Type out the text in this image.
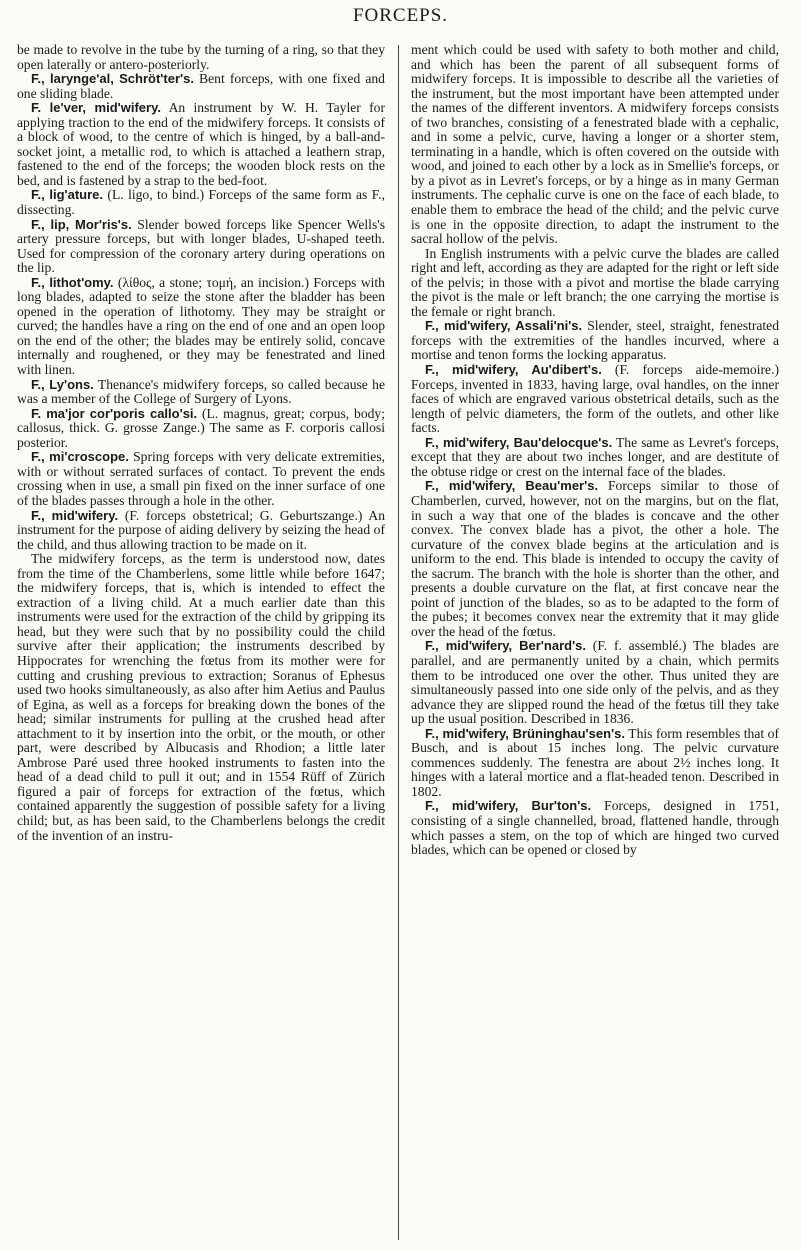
FORCEPS.

be made to revolve in the tube by the turning of a ring, so that they open laterally or antero-posteriorly.

F., laryngeʹal, Schröt'ter's. Bent forceps, with one fixed and one sliding blade.

F. le'ver, mid'wifery. An instrument by W. H. Tayler for applying traction to the end of the midwifery forceps. It consists of a block of wood, to the centre of which is hinged, by a ball-and-socket joint, a metallic rod, to which is attached a leathern strap, fastened to the end of the forceps; the wooden block rests on the bed, and is fastened by a strap to the bed-foot.

F., lig'ature. (L. ligo, to bind.) Forceps of the same form as F., dissecting.

F., lip, Mor'ris's. Slender bowed forceps like Spencer Wells's artery pressure forceps, but with longer blades, U-shaped teeth. Used for compression of the coronary artery during operations on the lip.

F., lithot'omy. (λίθος, a stone; τομή, an incision.) Forceps with long blades, adapted to seize the stone after the bladder has been opened in the operation of lithotomy. They may be straight or curved; the handles have a ring on the end of one and an open loop on the end of the other; the blades may be entirely solid, concave internally and roughened, or they may be fenestrated and lined with linen.

F., Ly'ons. Thenance's midwifery forceps, so called because he was a member of the College of Surgery of Lyons.

F. ma'jor cor'poris callo'si. (L. magnus, great; corpus, body; callosus, thick. G. grosse Zange.) The same as F. corporis callosi posterior.

F., mi'croscope. Spring forceps with very delicate extremities, with or without serrated surfaces of contact. To prevent the ends crossing when in use, a small pin fixed on the inner surface of one of the blades passes through a hole in the other.

F., mid'wifery. (F. forceps obstetrical; G. Geburtszange.) An instrument for the purpose of aiding delivery by seizing the head of the child, and thus allowing traction to be made on it.

The midwifery forceps, as the term is understood now, dates from the time of the Chamberlens, some little while before 1647; the midwifery forceps, that is, which is intended to effect the extraction of a living child. At a much earlier date than this instruments were used for the extraction of the child by gripping its head, but they were such that by no possibility could the child survive after their application; the instruments described by Hippocrates for wrenching the fœtus from its mother were for cutting and crushing previous to extraction; Soranus of Ephesus used two hooks simultaneously, as also after him Aetius and Paulus of Egina, as well as a forceps for breaking down the bones of the head; similar instruments for pulling at the crushed head after attachment to it by insertion into the orbit, or the mouth, or other part, were described by Albucasis and Rhodion; a little later Ambrose Paré used three hooked instruments to fasten into the head of a dead child to pull it out; and in 1554 Rüff of Zürich figured a pair of forceps for extraction of the fœtus, which contained apparently the suggestion of possible safety for a living child; but, as has been said, to the Chamberlens belongs the credit of the invention of an instru-

ment which could be used with safety to both mother and child, and which has been the parent of all subsequent forms of midwifery forceps. It is impossible to describe all the varieties of the instrument, but the most important have been attempted under the names of the different inventors. A midwifery forceps consists of two branches, consisting of a fenestrated blade with a cephalic, and in some a pelvic, curve, having a longer or a shorter stem, terminating in a handle, which is often covered on the outside with wood, and joined to each other by a lock as in Smellie's forceps, or by a pivot as in Levret's forceps, or by a hinge as in many German instruments. The cephalic curve is one on the face of each blade, to enable them to embrace the head of the child; and the pelvic curve is one in the opposite direction, to adapt the instrument to the sacral hollow of the pelvis.

In English instruments with a pelvic curve the blades are called right and left, according as they are adapted for the right or left side of the pelvis; in those with a pivot and mortise the blade carrying the pivot is the male or left branch; the one carrying the mortise is the female or right branch.

F., mid'wifery, Assali'ni's. Slender, steel, straight, fenestrated forceps with the extremities of the handles incurved, where a mortise and tenon forms the locking apparatus.

F., mid'wifery, Au'dibert's. (F. forceps aide-memoire.) Forceps, invented in 1833, having large, oval handles, on the inner faces of which are engraved various obstetrical details, such as the length of pelvic diameters, the form of the outlets, and other like facts.

F., mid'wifery, Bau'delocque's. The same as Levret's forceps, except that they are about two inches longer, and are destitute of the obtuse ridge or crest on the internal face of the blades.

F., mid'wifery, Beau'mer's. Forceps similar to those of Chamberlen, curved, however, not on the margins, but on the flat, in such a way that one of the blades is concave and the other convex. The convex blade has a pivot, the other a hole. The curvature of the convex blade begins at the articulation and is uniform to the end. This blade is intended to occupy the cavity of the sacrum. The branch with the hole is shorter than the other, and presents a double curvature on the flat, at first concave near the point of junction of the blades, so as to be adapted to the form of the pubes; it becomes convex near the extremity that it may glide over the head of the fœtus.

F., mid'wifery, Ber'nard's. (F. f. assemblé.) The blades are parallel, and are permanently united by a chain, which permits them to be introduced one over the other. Thus united they are simultaneously passed into one side only of the pelvis, and as they advance they are slipped round the head of the fœtus till they take up the usual position. Described in 1836.

F., mid'wifery, Brüninghau'sen's. This form resembles that of Busch, and is about 15 inches long. The pelvic curvature commences suddenly. The fenestra are about 2½ inches long. It hinges with a lateral mortice and a flat-headed tenon. Described in 1802.

F., mid'wifery, Bur'ton's. Forceps, designed in 1751, consisting of a single channelled, broad, flattened handle, through which passes a stem, on the top of which are hinged two curved blades, which can be opened or closed by
